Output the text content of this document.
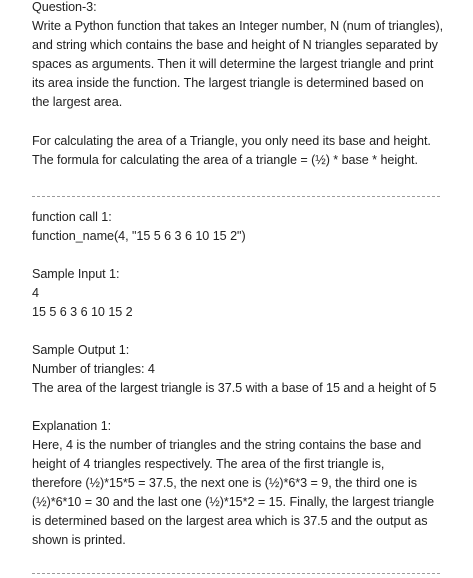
Question-3:
Write a Python function that takes an Integer number, N (num of triangles),
and string which contains the base and height of N triangles separated by
spaces as arguments. Then it will determine the largest triangle and print
its area inside the function. The largest triangle is determined based on
the largest area.
For calculating the area of a Triangle, you only need its base and height.
The formula for calculating the area of a triangle = (½) * base * height.
function call 1:
function_name(4, "15 5 6 3 6 10 15 2")
Sample Input 1:
4
15 5 6 3 6 10 15 2
Sample Output 1:
Number of triangles: 4
The area of the largest triangle is 37.5 with a base of 15 and a height of 5
Explanation 1:
Here, 4 is the number of triangles and the string contains the base and
height of 4 triangles respectively. The area of the first triangle is,
therefore (½)*15*5 = 37.5, the next one is (½)*6*3 = 9, the third one is
(½)*6*10 = 30 and the last one (½)*15*2 = 15. Finally, the largest triangle
is determined based on the largest area which is 37.5 and the output as
shown is printed.
